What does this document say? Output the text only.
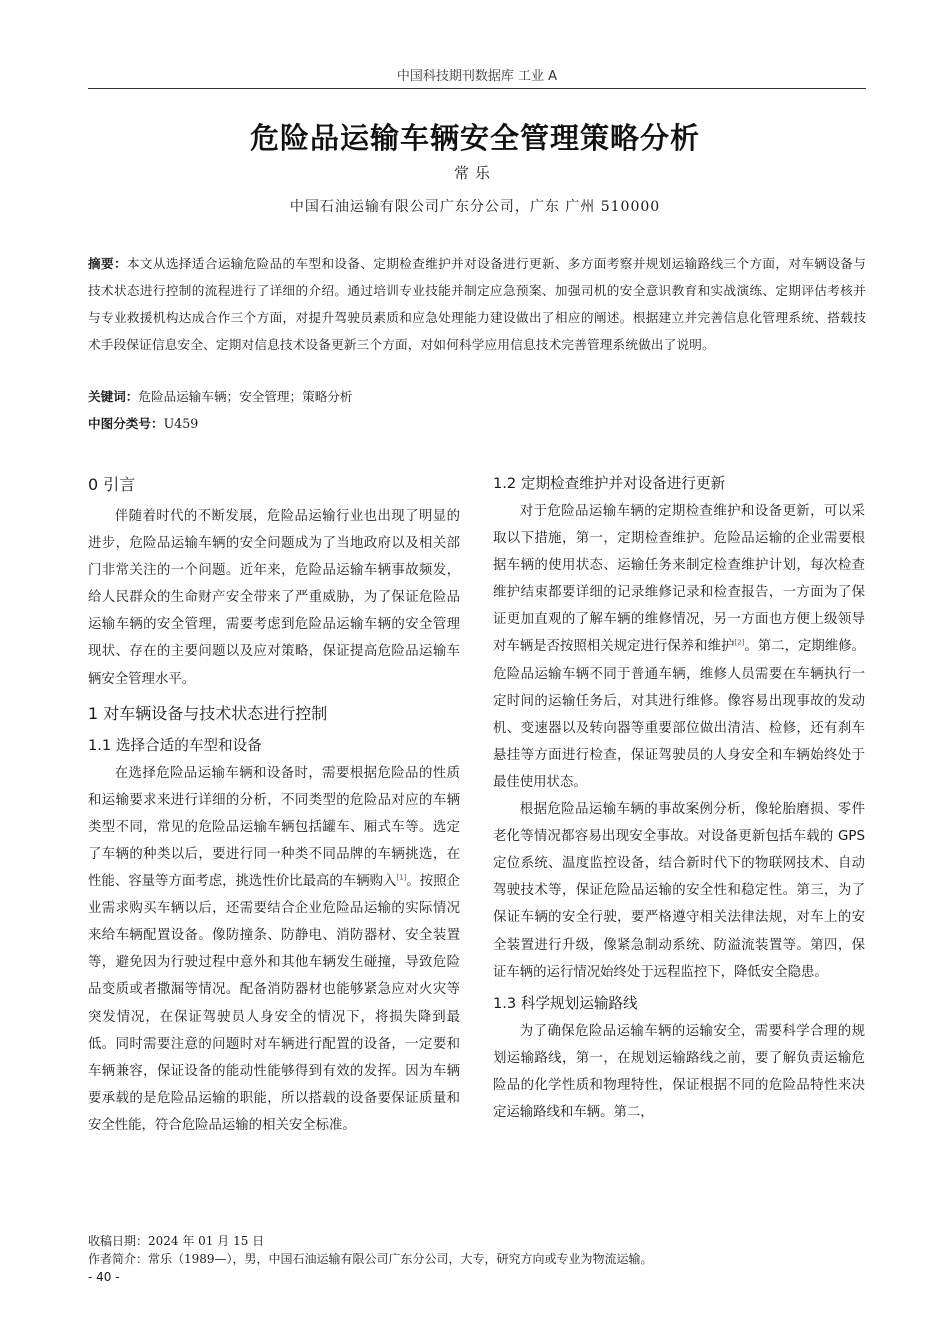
中国科技期刊数据库 工业 A
危险品运输车辆安全管理策略分析
常乐
中国石油运输有限公司广东分公司，广东 广州 510000
摘要：本文从选择适合运输危险品的车型和设备、定期检查维护并对设备进行更新、多方面考察并规划运输路线三个方面，对车辆设备与技术状态进行控制的流程进行了详细的介绍。通过培训专业技能并制定应急预案、加强司机的安全意识教育和实战演练、定期评估考核并与专业救援机构达成合作三个方面，对提升驾驶员素质和应急处理能力建设做出了相应的阐述。根据建立并完善信息化管理系统、搭载技术手段保证信息安全、定期对信息技术设备更新三个方面，对如何科学应用信息技术完善管理系统做出了说明。
关键词：危险品运输车辆；安全管理；策略分析
中图分类号：U459
0 引言

伴随着时代的不断发展，危险品运输行业也出现了明显的进步，危险品运输车辆的安全问题成为了当地政府以及相关部门非常关注的一个问题。近年来，危险品运输车辆事故频发，给人民群众的生命财产安全带来了严重威胁，为了保证危险品运输车辆的安全管理，需要考虑到危险品运输车辆的安全管理现状、存在的主要问题以及应对策略，保证提高危险品运输车辆安全管理水平。

1 对车辆设备与技术状态进行控制
1.1 选择合适的车型和设备

在选择危险品运输车辆和设备时，需要根据危险品的性质和运输要求来进行详细的分析，不同类型的危险品对应的车辆类型不同，常见的危险品运输车辆包括罐车、厢式车等。选定了车辆的种类以后，要进行同一种类不同品牌的车辆挑选，在性能、容量等方面考虑，挑选性价比最高的车辆购入[1]。按照企业需求购买车辆以后，还需要结合企业危险品运输的实际情况来给车辆配置设备。像防撞条、防静电、消防器材、安全装置等，避免因为行驶过程中意外和其他车辆发生碰撞，导致危险品变质或者撒漏等情况。配备消防器材也能够紧急应对火灾等突发情况，在保证驾驶员人身安全的情况下，将损失降到最低。同时需要注意的问题时对车辆进行配置的设备，一定要和车辆兼容，保证设备的能动性能够得到有效的发挥。因为车辆要承载的是危险品运输的职能，所以搭载的设备要保证质量和安全性能，符合危险品运输的相关安全标准。

1.2 定期检查维护并对设备进行更新

对于危险品运输车辆的定期检查维护和设备更新，可以采取以下措施，第一，定期检查维护。危险品运输的企业需要根据车辆的使用状态、运输任务来制定检查维护计划，每次检查维护结束都要详细的记录维修记录和检查报告，一方面为了保证更加直观的了解车辆的维修情况，另一方面也方便上级领导对车辆是否按照相关规定进行保养和维护[2]。第二，定期维修。危险品运输车辆不同于普通车辆，维修人员需要在车辆执行一定时间的运输任务后，对其进行维修。像容易出现事故的发动机、变速器以及转向器等重要部位做出清洁、检修，还有刹车悬挂等方面进行检查，保证驾驶员的人身安全和车辆始终处于最佳使用状态。

根据危险品运输车辆的事故案例分析，像轮胎磨损、零件老化等情况都容易出现安全事故。对设备更新包括车载的 GPS 定位系统、温度监控设备，结合新时代下的物联网技术、自动驾驶技术等，保证危险品运输的安全性和稳定性。第三，为了保证车辆的安全行驶，要严格遵守相关法律法规，对车上的安全装置进行升级，像紧急制动系统、防溢流装置等。第四，保证车辆的运行情况始终处于远程监控下，降低安全隐患。

1.3 科学规划运输路线

为了确保危险品运输车辆的运输安全，需要科学合理的规划运输路线，第一，在规划运输路线之前，要了解负责运输危险品的化学性质和物理特性，保证根据不同的危险品特性来决定运输路线和车辆。第二，

收稿日期：2024 年 01 月 15 日
作者简介：常乐（1989—），男，中国石油运输有限公司广东分公司，大专，研究方向或专业为物流运输。
- 40 -
